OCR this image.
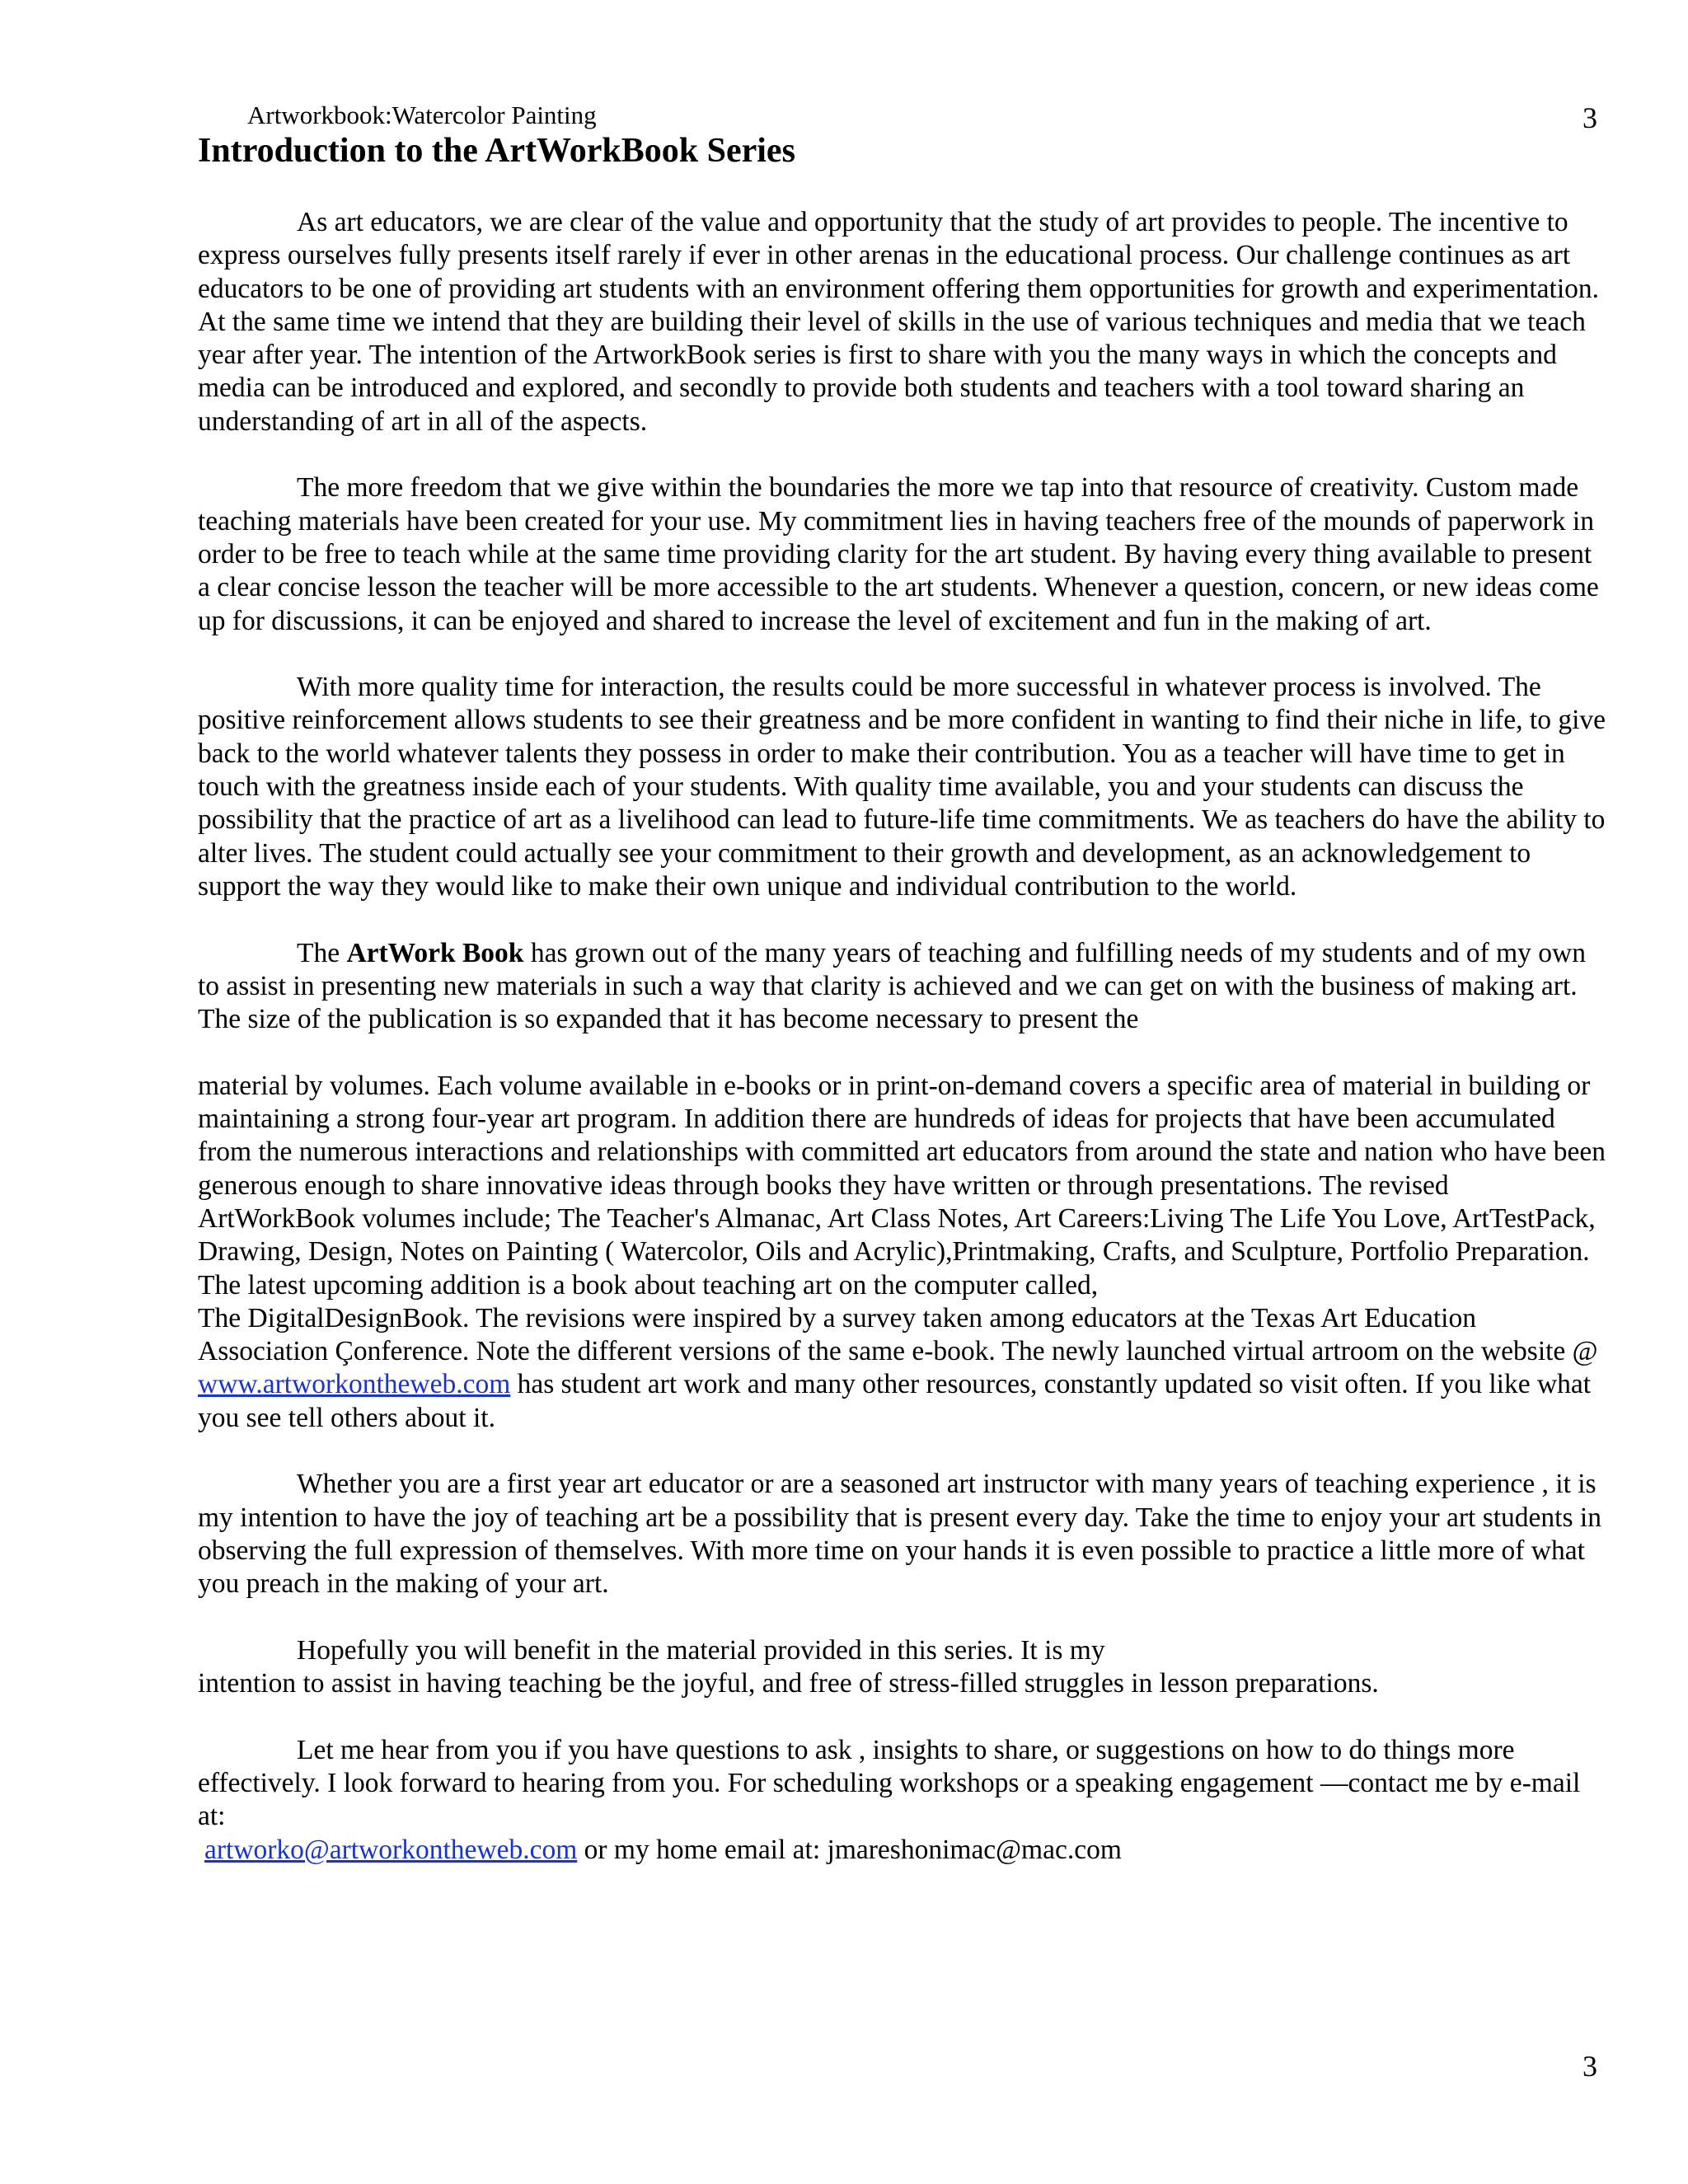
Artworkbook:Watercolor Painting	3
Introduction to the ArtWorkBook Series

As art educators, we are clear of the value and opportunity that the study of art provides to people. The incentive to express ourselves fully presents itself rarely if ever in other arenas in the educational process. Our challenge continues as art educators to be one of providing art students with an environment offering them opportunities for growth and experimentation. At the same time we intend that they are building their level of skills in the use of various techniques and media that we teach year after year. The intention of the ArtworkBook series is first to share with you the many ways in which the concepts and media can be introduced and explored, and secondly to provide both students and teachers with a tool toward sharing an understanding of art in all of the aspects.

The more freedom that we give within the boundaries the more we tap into that resource of creativity. Custom made teaching materials have been created for your use. My commitment lies in having teachers free of the mounds of paperwork in order to be free to teach while at the same time providing clarity for the art student. By having every thing available to present a clear concise lesson the teacher will be more accessible to the art students. Whenever a question, concern, or new ideas come up for discussions, it can be enjoyed and shared to increase the level of excitement and fun in the making of art.

With more quality time for interaction, the results could be more successful in whatever process is involved. The positive reinforcement allows students to see their greatness and be more confident in wanting to find their niche in life, to give back to the world whatever talents they possess in order to make their contribution. You as a teacher will have time to get in touch with the greatness inside each of your students. With quality time available, you and your students can discuss the possibility that the practice of art as a livelihood can lead to future-life time commitments. We as teachers do have the ability to alter lives. The student could actually see your commitment to their growth and development, as an acknowledgement to support the way they would like to make their own unique and individual contribution to the world.

The ArtWork Book has grown out of the many years of teaching and fulfilling needs of my students and of my own to assist in presenting new materials in such a way that clarity is achieved and we can get on with the business of making art. The size of the publication is so expanded that it has become necessary to present the

material by volumes. Each volume available in e-books or in print-on-demand covers a specific area of material in building or maintaining a strong four-year art program. In addition there are hundreds of ideas for projects that have been accumulated from the numerous interactions and relationships with committed art educators from around the state and nation who have been generous enough to share innovative ideas through books they have written or through presentations. The revised ArtWorkBook volumes include; The Teacher's Almanac, Art Class Notes, Art Careers:Living The Life You Love, ArtTestPack, Drawing, Design, Notes on Painting ( Watercolor, Oils and Acrylic),Printmaking, Crafts, and Sculpture, Portfolio Preparation. The latest upcoming addition is a book about teaching art on the computer called,
The DigitalDesignBook. The revisions were inspired by a survey taken among educators at the Texas Art Education Association Çonference. Note the different versions of the same e-book. The newly launched virtual artroom on the website @ www.artworkontheweb.com has student art work and many other resources, constantly updated so visit often. If you like what you see tell others about it.

Whether you are a first year art educator or are a seasoned art instructor with many years of teaching experience , it is my intention to have the joy of teaching art be a possibility that is present every day. Take the time to enjoy your art students in observing the full expression of themselves. With more time on your hands it is even possible to practice a little more of what you preach in the making of your art.

Hopefully you will benefit in the material provided in this series. It is my
intention to assist in having teaching be the joyful, and free of stress-filled struggles in lesson preparations.

Let me hear from you if you have questions to ask , insights to share, or suggestions on how to do things more effectively. I look forward to hearing from you. For scheduling workshops or a speaking engagement —contact me by e-mail at:
artworko@artworkontheweb.com or my home email at: jmareshonimac@mac.com

3
